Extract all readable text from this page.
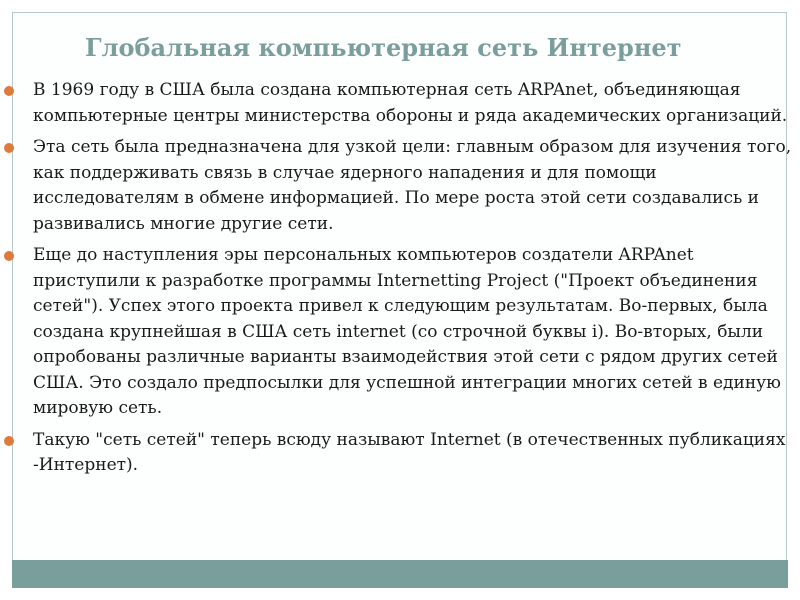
Глобальная компьютерная сеть Интернет
В 1969 году в США была создана компьютерная сеть ARPAnet, объединяющая компьютерные центры министерства обороны и ряда академических организаций.
Эта сеть была предназначена для узкой цели: главным образом для изучения того, как поддерживать связь в случае ядерного нападения и для помощи исследователям в обмене информацией. По мере роста этой сети создавались и развивались многие другие сети.
Еще до наступления эры персональных компьютеров создатели ARPAnet приступили к разработке программы Internetting Project ("Проект объединения сетей"). Успех этого проекта привел к следующим результатам. Во-первых, была создана крупнейшая в США сеть internet (со строчной буквы i). Во-вторых, были опробованы различные варианты взаимодействия этой сети с рядом других сетей США. Это создало предпосылки для успешной интеграции многих сетей в единую мировую сеть.
Такую "сеть сетей" теперь всюду называют Internet (в отечественных публикациях -Интернет).
